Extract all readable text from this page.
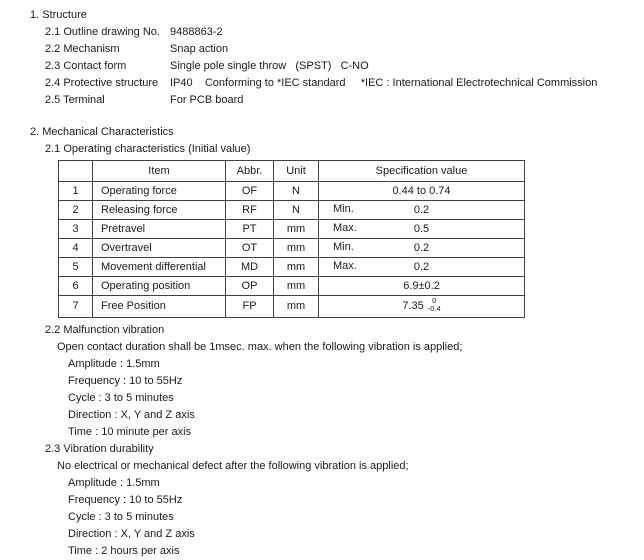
1. Structure
2.1 Outline drawing No. 9488863-2
2.2 Mechanism	Snap action
2.3 Contact form	Single pole single throw   (SPST)   C-NO
2.4 Protective structure	IP40    Conforming to *IEC standard     *IEC : International Electrotechnical Commission
2.5 Terminal	For PCB board
2. Mechanical Characteristics
2.1 Operating characteristics (Initial value)
	Item	Abbr.	Unit	Specification value
1	Operating force	OF	N	0.44 to 0.74
2	Releasing force	RF	N	Min. 0.2
3	Pretravel	PT	mm	Max. 0.5
4	Overtravel	OT	mm	Min. 0.2
5	Movement differential	MD	mm	Max. 0.2
6	Operating position	OP	mm	6.9±0.2
7	Free Position	FP	mm	7.35 0
-0.4
2.2 Malfunction vibration
Open contact duration shall be 1msec. max. when the following vibration is applied;
Amplitude : 1.5mm
Frequency : 10 to 55Hz
Cycle : 3 to 5 minutes
Direction : X, Y and Z axis
Time : 10 minute per axis
2.3 Vibration durability
No electrical or mechanical defect after the following vibration is applied;
Amplitude : 1.5mm
Frequency : 10 to 55Hz
Cycle : 3 to 5 minutes
Direction : X, Y and Z axis
Time : 2 hours per axis
